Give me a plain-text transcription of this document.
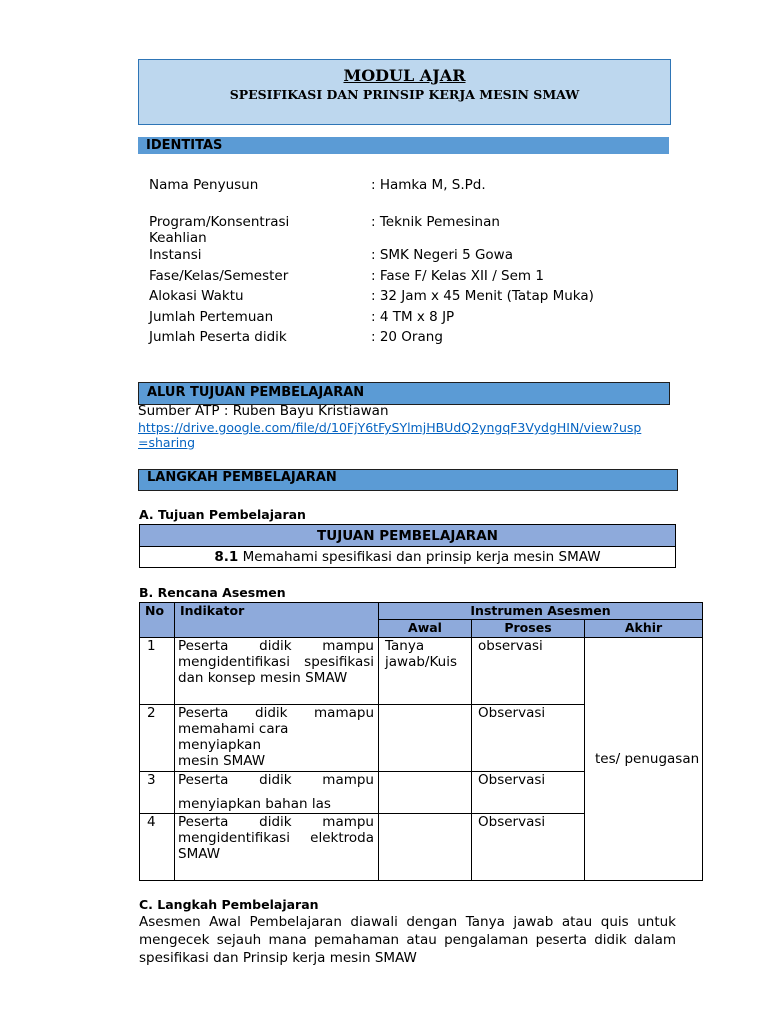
MODUL AJAR
SPESIFIKASI DAN PRINSIP KERJA MESIN SMAW
IDENTITAS
Nama Penyusun	: Hamka M, S.Pd.
Program/Konsentrasi Keahlian
: Teknik Pemesinan
Instansi	: SMK Negeri 5 Gowa
Fase/Kelas/Semester	: Fase F/ Kelas XII / Sem 1
Alokasi Waktu	: 32 Jam x 45 Menit (Tatap Muka)
Jumlah Pertemuan	: 4 TM x 8 JP
Jumlah Peserta didik	: 20 Orang
ALUR TUJUAN PEMBELAJARAN
Sumber ATP : Ruben Bayu Kristiawan
https://drive.google.com/file/d/10FjY6tFySYlmjHBUdQ2yngqF3VydgHIN/view?usp=sharing
LANGKAH PEMBELAJARAN
A. Tujuan Pembelajaran
TUJUAN PEMBELAJARAN
8.1 Memahami spesifikasi dan prinsip kerja mesin SMAW
B. Rencana Asesmen
No	Indikator	Instrumen Asesmen		
		Awal	Proses	Akhir
1	Peserta didik mampu
mengidentifikasi spesifikasi
dan konsep mesin SMAW	Tanya jawab/Kuis	observasi	tes/ penugasan
2	Peserta didik mamapu
memahami cara menyiapkan
mesin SMAW		Observasi	
3	Peserta didik mampu
menyiapkan bahan las		Observasi	
4	Peserta didik mampu
mengidentifikasi elektroda
SMAW		Observasi	
C. Langkah Pembelajaran
Asesmen Awal Pembelajaran diawali dengan Tanya jawab atau quis untuk mengecek sejauh mana pemahaman atau pengalaman peserta didik dalam spesifikasi dan Prinsip kerja mesin SMAW
